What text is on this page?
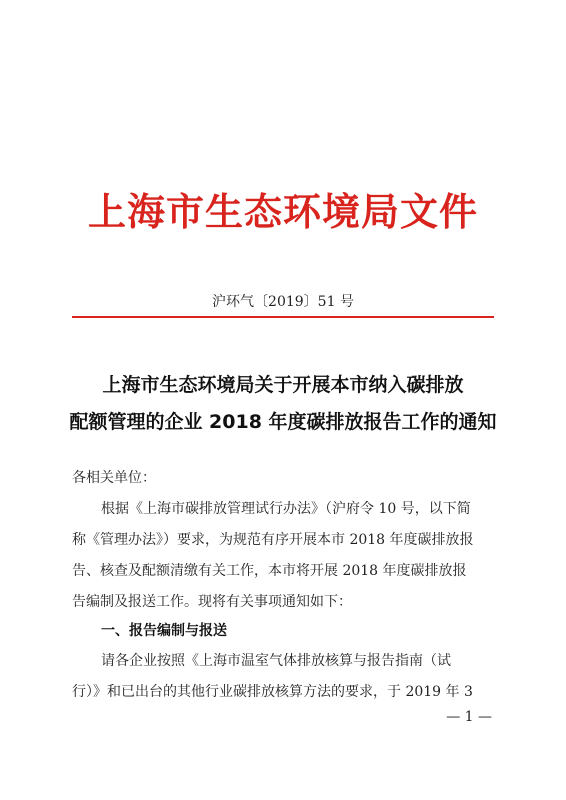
上海市生态环境局文件
沪环气〔2019〕51 号
上海市生态环境局关于开展本市纳入碳排放
配额管理的企业 2018 年度碳排放报告工作的通知
各相关单位：
根据《上海市碳排放管理试行办法》（沪府令 10 号，以下简
称《管理办法》）要求，为规范有序开展本市 2018 年度碳排放报
告、核查及配额清缴有关工作，本市将开展 2018 年度碳排放报
告编制及报送工作。现将有关事项通知如下：
一、报告编制与报送
请各企业按照《上海市温室气体排放核算与报告指南（试
行）》和已出台的其他行业碳排放核算方法的要求，于 2019 年 3
— 1 —
